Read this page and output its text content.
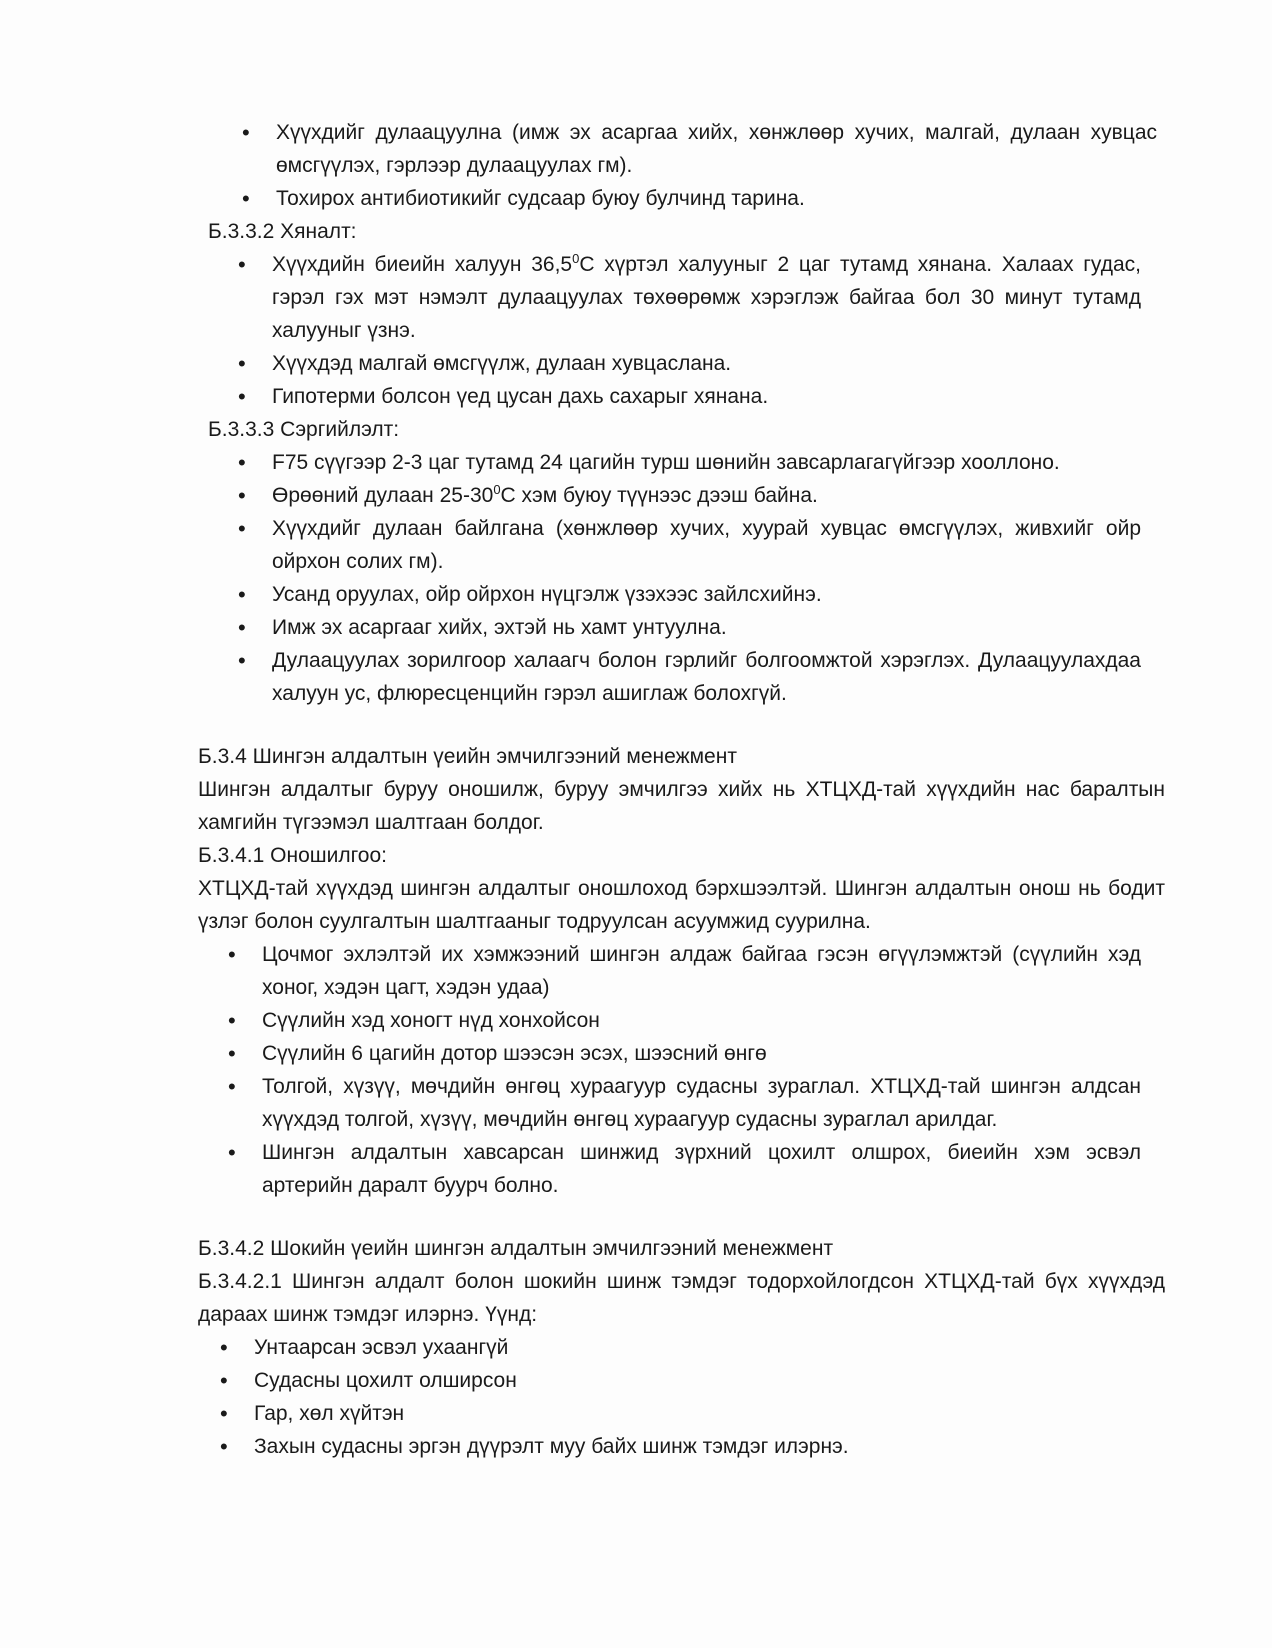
• Хүүхдийг дулаацуулна (имж эх асаргаа хийх, хөнжлөөр хучих, малгай, дулаан хувцас өмсгүүлэх, гэрлээр дулаацуулах гм).
• Тохирох антибиотикийг судсаар буюу булчинд тарина.

Б.3.3.2 Хяналт:

• Хүүхдийн биеийн халуун 36,5$^0$С хүртэл халууныг 2 цаг тутамд хянана. Халаах гудас, гэрэл гэх мэт нэмэлт дулаацуулах төхөөрөмж хэрэглэж байгаа бол 30 минут тутамд халууныг үзнэ.
• Хүүхдэд малгай өмсгүүлж, дулаан хувцаслана.
• Гипотерми болсон үед цусан дахь сахарыг хянана.

Б.3.3.3 Сэргийлэлт:

• F75 сүүгээр 2-3 цаг тутамд 24 цагийн турш шөнийн завсарлагагүйгээр хооллоно.
• Өрөөний дулаан $25-30^0С$ хэм буюу түүнээс дээш байна.
• Хүүхдийг дулаан байлгана (хөнжлөөр хучих, хуурай хувцас өмсгүүлэх, живхийг ойр ойрхон солих гм).
• Усанд оруулах, ойр ойрхон нүцгэлж үзэхээс зайлсхийнэ.
• Имж эх асаргааг хийх, эхтэй нь хамт унтуулна.
• Дулаацуулах зорилгоор халаагч болон гэрлийг болгоомжтой хэрэглэх. Дулаацуулахдаа халуун ус, флюресценцийн гэрэл ашиглаж болохгүй.

Б.3.4 Шингэн алдалтын үеийн эмчилгээний менежмент

Шингэн алдалтыг буруу оношилж, буруу эмчилгээ хийх нь ХТЦХД-тай хүүхдийн нас баралтын хамгийн түгээмэл шалтгаан болдог.

Б.3.4.1 Оношилгоо:

ХТЦХД-тай хүүхдэд шингэн алдалтыг оношлоход бэрхшээлтэй. Шингэн алдалтын онош нь бодит үзлэг болон суулгалтын шалтгааныг тодруулсан асуумжид суурилна.

• Цочмог эхлэлтэй их хэмжээний шингэн алдаж байгаа гэсэн өгүүлэмжтэй (сүүлийн хэд хоног, хэдэн цагт, хэдэн удаа)
• Сүүлийн хэд хоногт нүд хонхойсон
• Сүүлийн 6 цагийн дотор шээсэн эсэх, шээсний өнгө
• Толгой, хүзүү, мөчдийн өнгөц хураагуур судасны зураглал. ХТЦХД-тай шингэн алдсан хүүхдэд толгой, хүзүү, мөчдийн өнгөц хураагуур судасны зураглал арилдаг.
• Шингэн алдалтын хавсарсан шинжид зүрхний цохилт олшрох, биеийн хэм эсвэл артерийн даралт буурч болно.

Б.3.4.2 Шокийн үеийн шингэн алдалтын эмчилгээний менежмент

Б.3.4.2.1 Шингэн алдалт болон шокийн шинж тэмдэг тодорхойлогдсон ХТЦХД-тай бүх хүүхдэд дараах шинж тэмдэг илэрнэ. Үүнд:

• Унтаарсан эсвэл ухаангүй
• Судасны цохилт олширсон
• Гар, хөл хүйтэн
• Захын судасны эргэн дүүрэлт муу байх шинж тэмдэг илэрнэ.
